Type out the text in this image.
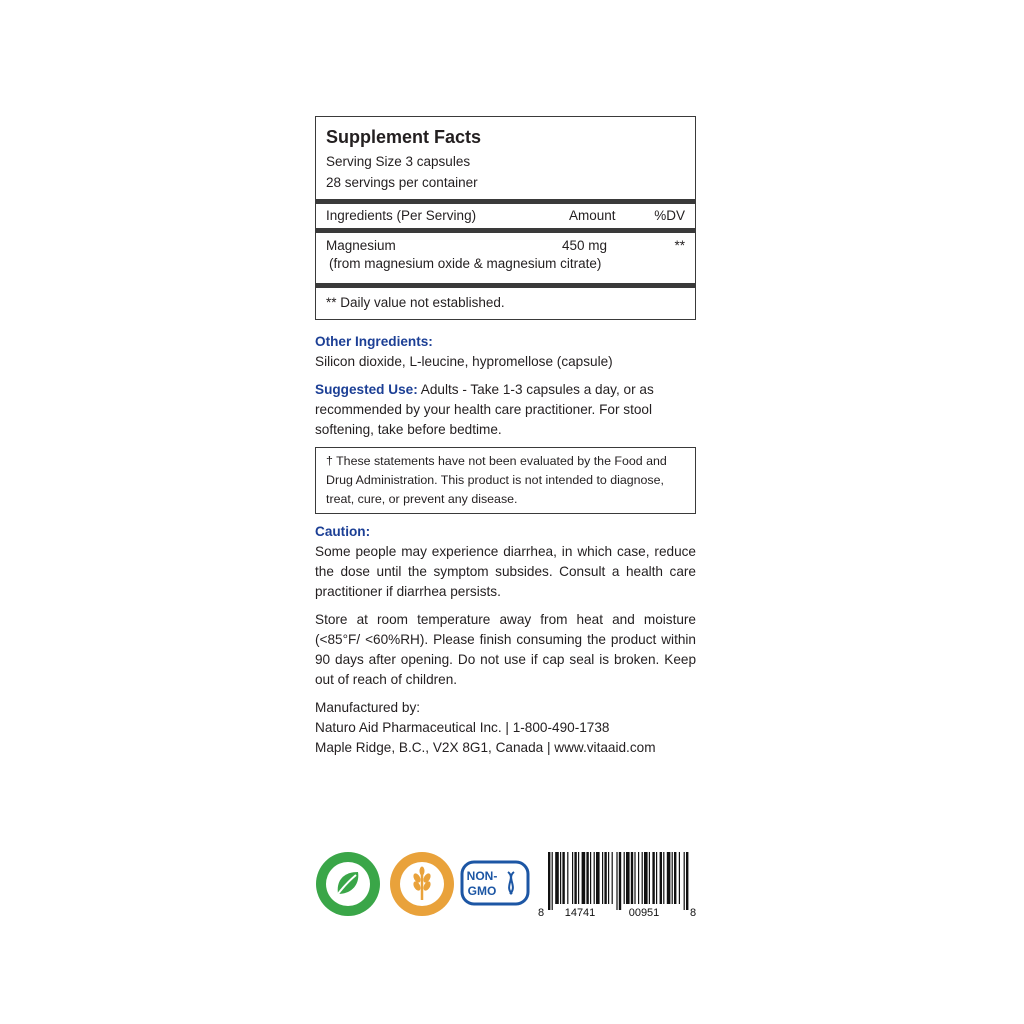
Supplement Facts
Serving Size 3 capsules
28 servings per container
Ingredients (Per Serving)	Amount	%DV
Magnesium	450 mg	**
(from magnesium oxide & magnesium citrate)
** Daily value not established.
Other Ingredients:
Silicon dioxide, L-leucine, hypromellose (capsule)
Suggested Use: Adults - Take 1-3 capsules a day, or as recommended by your health care practitioner. For stool softening, take before bedtime.
† These statements have not been evaluated by the Food and Drug Administration. This product is not intended to diagnose, treat, cure, or prevent any disease.
Caution:
Some people may experience diarrhea, in which case, reduce the dose until the symptom subsides. Consult a health care practitioner if diarrhea persists.
Store at room temperature away from heat and moisture (<85°F/ <60%RH). Please finish consuming the product within 90 days after opening. Do not use if cap seal is broken. Keep out of reach of children.
Manufactured by:
Naturo Aid Pharmaceutical Inc. | 1-800-490-1738
Maple Ridge, B.C., V2X 8G1, Canada | www.vitaaid.com
NON-
GMO
8 14741	00951	8
